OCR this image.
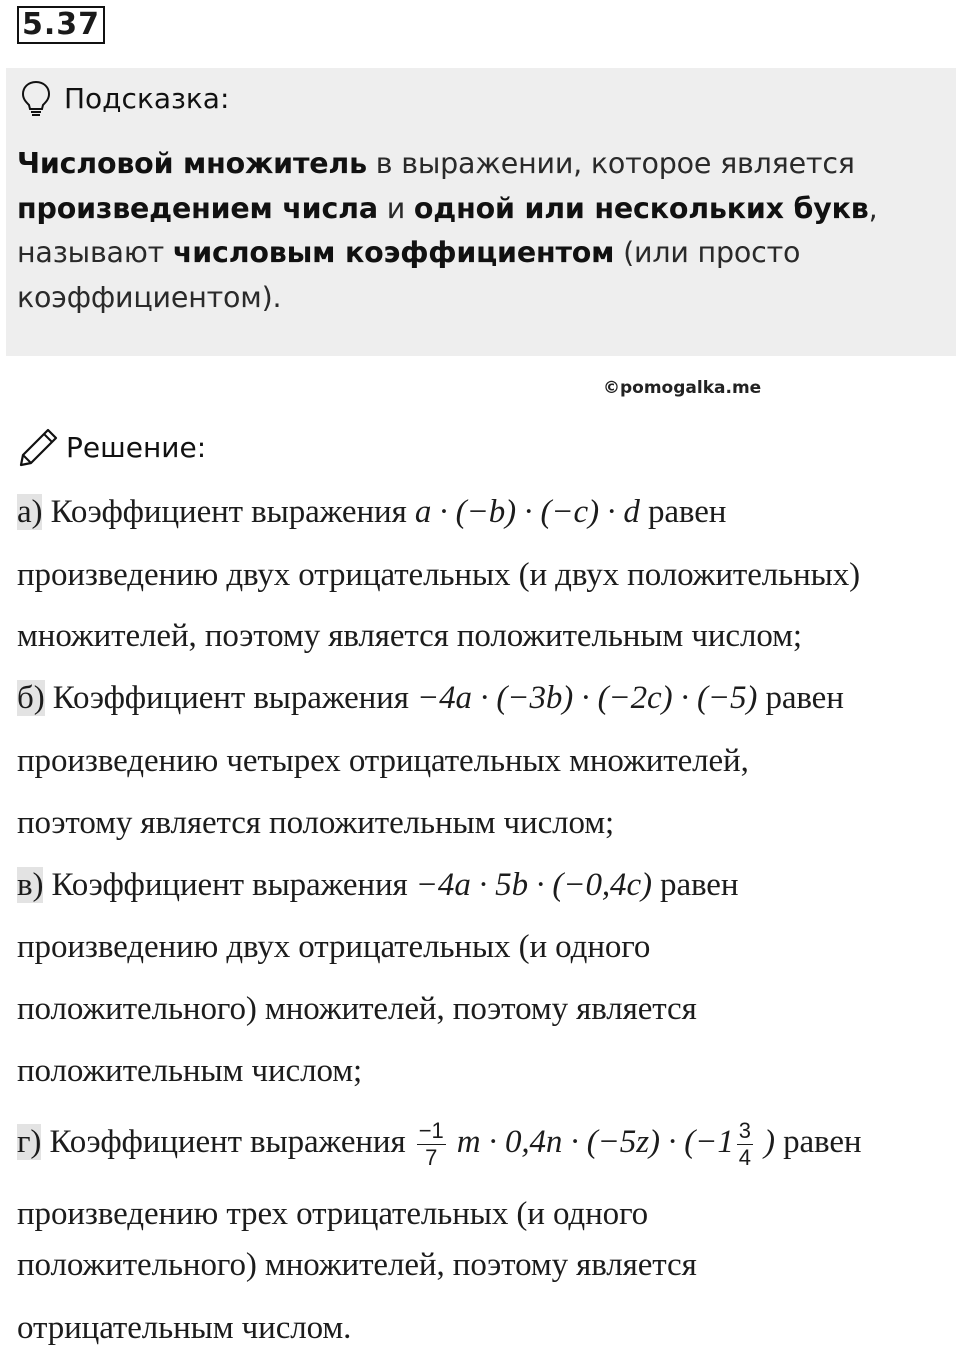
5.37
Подсказка:
Числовой множитель в выражении, которое является
произведением числа и одной или нескольких букв,
называют числовым коэффициентом (или просто
коэффициентом).
©pomogalka.me
Решение:
а) Коэффициент выражения a · (−b) · (−c) · d равен
произведению двух отрицательных (и двух положительных)
множителей, поэтому является положительным числом;
б) Коэффициент выражения −4a · (−3b) · (−2c) · (−5) равен
произведению четырех отрицательных множителей,
поэтому является положительным числом;
в) Коэффициент выражения −4a · 5b · (−0,4c) равен
произведению двух отрицательных (и одного
положительного) множителей, поэтому является
положительным числом;
г) Коэффициент выражения $\frac{-1}{7}$ $m \cdot 0,4n \cdot (-5z) \cdot (-1 \frac{3}{4}$ ) равен
произведению трех отрицательных (и одного
положительного) множителей, поэтому является
отрицательным числом.
